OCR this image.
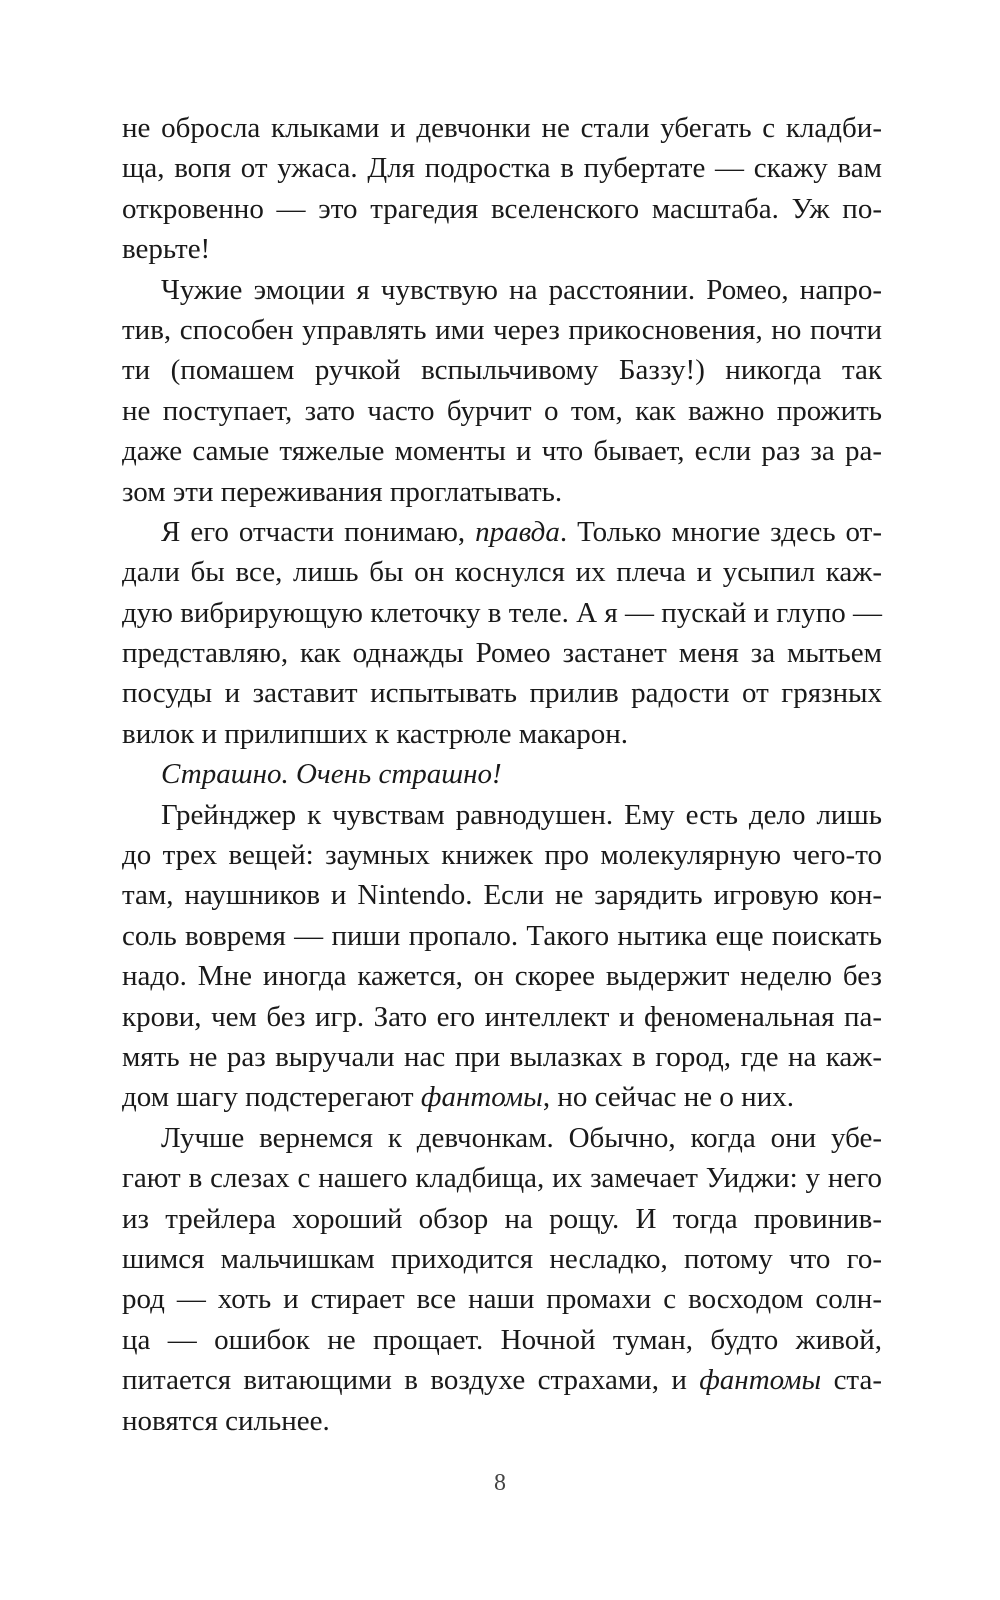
не обросла клыками и девчонки не стали убегать с кладби-
ща, вопя от ужаса. Для подростка в пубертате — скажу вам
откровенно — это трагедия вселенского масштаба. Уж по-
верьте!
Чужие эмоции я чувствую на расстоянии. Ромео, напро-
тив, способен управлять ими через прикосновения, но почти
ти (помашем ручкой вспыльчивому Баззу!) никогда так
не поступает, зато часто бурчит о том, как важно прожить
даже самые тяжелые моменты и что бывает, если раз за ра-
зом эти переживания проглатывать.
Я его отчасти понимаю, правда. Только многие здесь от-
дали бы все, лишь бы он коснулся их плеча и усыпил каж-
дую вибрирующую клеточку в теле. А я — пускай и глупо —
представляю, как однажды Ромео застанет меня за мытьем
посуды и заставит испытывать прилив радости от грязных
вилок и прилипших к кастрюле макарон.
Страшно. Очень страшно!
Грейнджер к чувствам равнодушен. Ему есть дело лишь
до трех вещей: заумных книжек про молекулярную чего-то
там, наушников и Nintendo. Если не зарядить игровую кон-
соль вовремя — пиши пропало. Такого нытика еще поискать
надо. Мне иногда кажется, он скорее выдержит неделю без
крови, чем без игр. Зато его интеллект и феноменальная па-
мять не раз выручали нас при вылазках в город, где на каж-
дом шагу подстерегают фантомы, но сейчас не о них.
Лучше вернемся к девчонкам. Обычно, когда они убе-
гают в слезах с нашего кладбища, их замечает Уиджи: у него
из трейлера хороший обзор на рощу. И тогда провинив-
шимся мальчишкам приходится несладко, потому что го-
род — хоть и стирает все наши промахи с восходом солн-
ца — ошибок не прощает. Ночной туман, будто живой,
питается витающими в воздухе страхами, и фантомы ста-
новятся сильнее.
8
